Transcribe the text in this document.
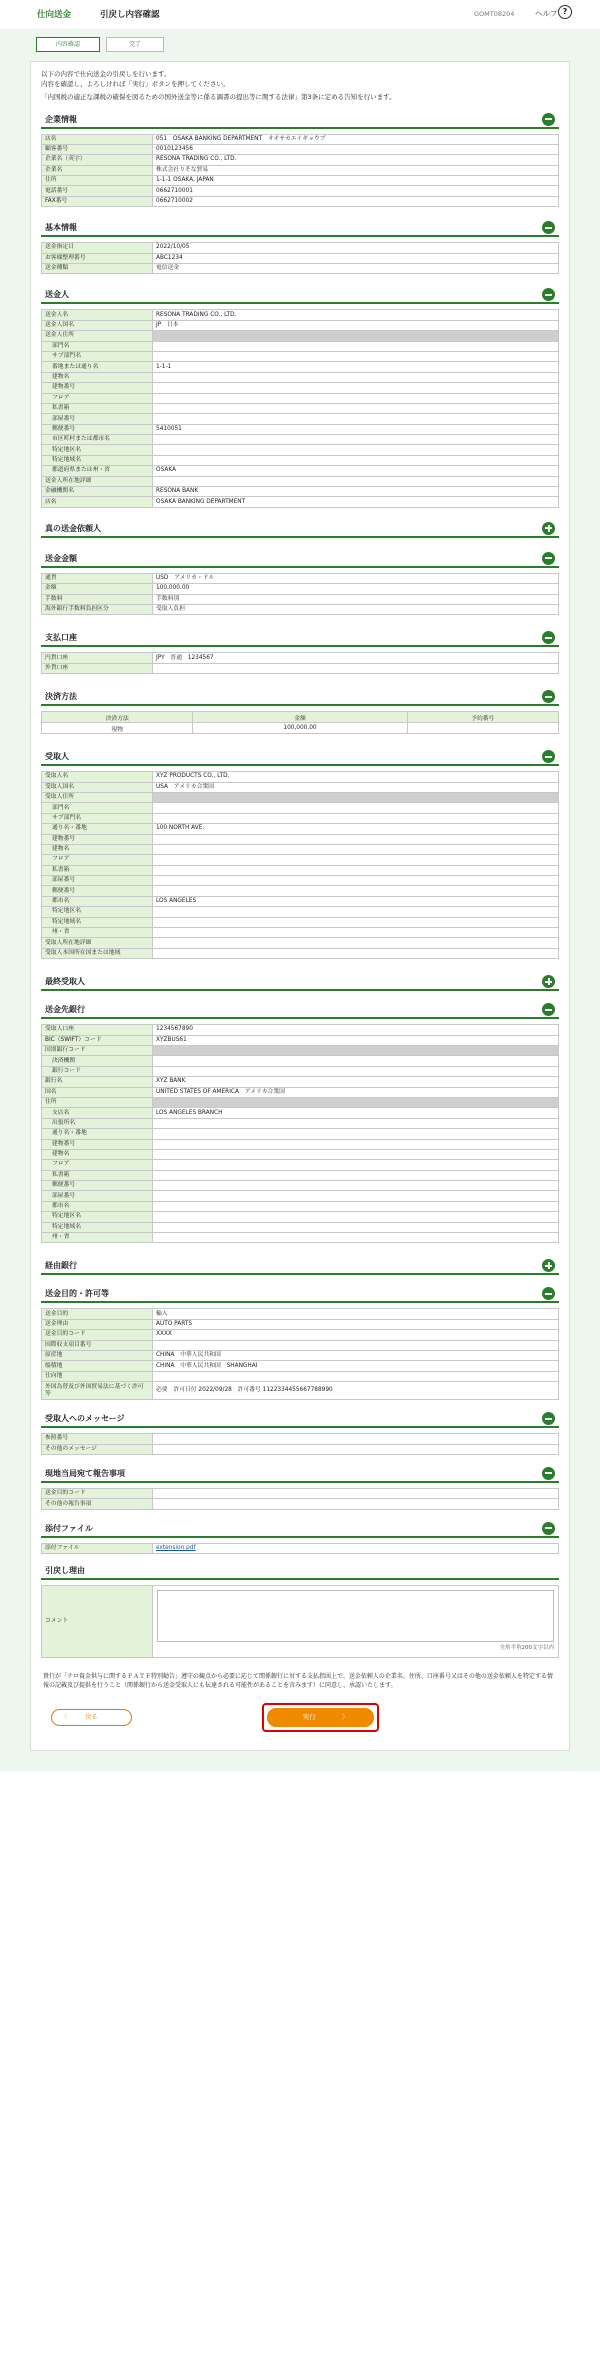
仕向送金	引戻し内容確認	GOMT08204	ヘルプ ?
内容確認	完了

以下の内容で仕向送金の引戻しを行います。

内容を確認し、よろしければ「実行」ボタンを押してください。

「内国税の適正な課税の確保を図るための国外送金等に係る調書の提出等に関する法律」第3条に定める告知を行います。

企業情報
店名	051　OSAKA BANKING DEPARTMENT　オオサカエイギョウブ
顧客番号	0010123456
企業名（英字）	RESONA TRADING CO., LTD.
企業名	株式会社りそな貿易
住所	1-1-1 OSAKA, JAPAN
電話番号	0662710001
FAX番号	0662710002
基本情報
送金指定日	2022/10/05
お客様整理番号	ABC1234
送金種類	電信送金
送金人
送金人名	RESONA TRADING CO., LTD.
送金人国名	JP　日本
送金人住所	
部門名	
サブ部門名	
番地または通り名	1-1-1
建物名	
建物番号	
フロア	
私書箱	
部屋番号	
郵便番号	5410051
市区町村または都市名	
特定地区名	
特定地域名	
都道府県または州・省	OSAKA
送金人所在地詳細	
金融機関名	RESONA BANK
店名	OSAKA BANKING DEPARTMENT
真の送金依頼人
送金金額
通貨	USD　アメリカ・ドル
金額	100,000.00
手数料	手数料別
海外銀行手数料負担区分	受取人負担
支払口座
円貨口座	JPY　普通　1234567
外貨口座	
決済方法
決済方法	金額	予約番号
現物	100,000.00	
受取人
受取人名	XYZ PRODUCTS CO., LTD.
受取人国名	USA　アメリカ合衆国
受取人住所	
部門名	
サブ部門名	
通り名・番地	100 NORTH AVE.
建物番号	
建物名	
フロア	
私書箱	
部屋番号	
郵便番号	
都市名	LOS ANGELES
特定地区名	
特定地域名	
州・省	
受取人所在地詳細	
受取人本国所在国または地域	
最終受取人
送金先銀行
受取人口座	1234567890
BIC（SWIFT）コード	XYZBUS61
国別銀行コード	
決済機関	
銀行コード	
銀行名	XYZ BANK
国名	UNITED STATES OF AMERICA　アメリカ合衆国
住所	
支店名	LOS ANGELES BRANCH
出張所名	
通り名・番地	
建物番号	
建物名	
フロア	
私書箱	
郵便番号	
部屋番号	
都市名	
特定地区名	
特定地域名	
州・省	
経由銀行
送金目的・許可等
送金目的	輸入
送金理由	AUTO PARTS
送金目的コード	XXXX
国際収支項目番号	
原産地	CHINA　中華人民共和国
船積地	CHINA　中華人民共和国　SHANGHAI
仕向地	
外国為替及び外国貿易法に基づく許可等	必要　許可日付 2022/09/28　許可番号 1122334455667788990
受取人へのメッセージ
参照番号	
その他のメッセージ	
現地当局宛て報告事項
送金目的コード	
その他の報告事項	
添付ファイル
添付ファイル	extension.pdf
引戻し理由
コメント	
全角半角200文字以内
貴行が「テロ資金供与に関するＦＡＴＦ特別勧告」遵守の観点から必要に応じて関係銀行に対する支払指図上で、送金依頼人の企業名、住所、口座番号又はその他の送金依頼人を特定する情報の記載及び提供を行うこと（関係銀行から送金受取人にも伝達される可能性があることを含みます）に同意し、承認いたします。
〈	戻る	実行	〉
